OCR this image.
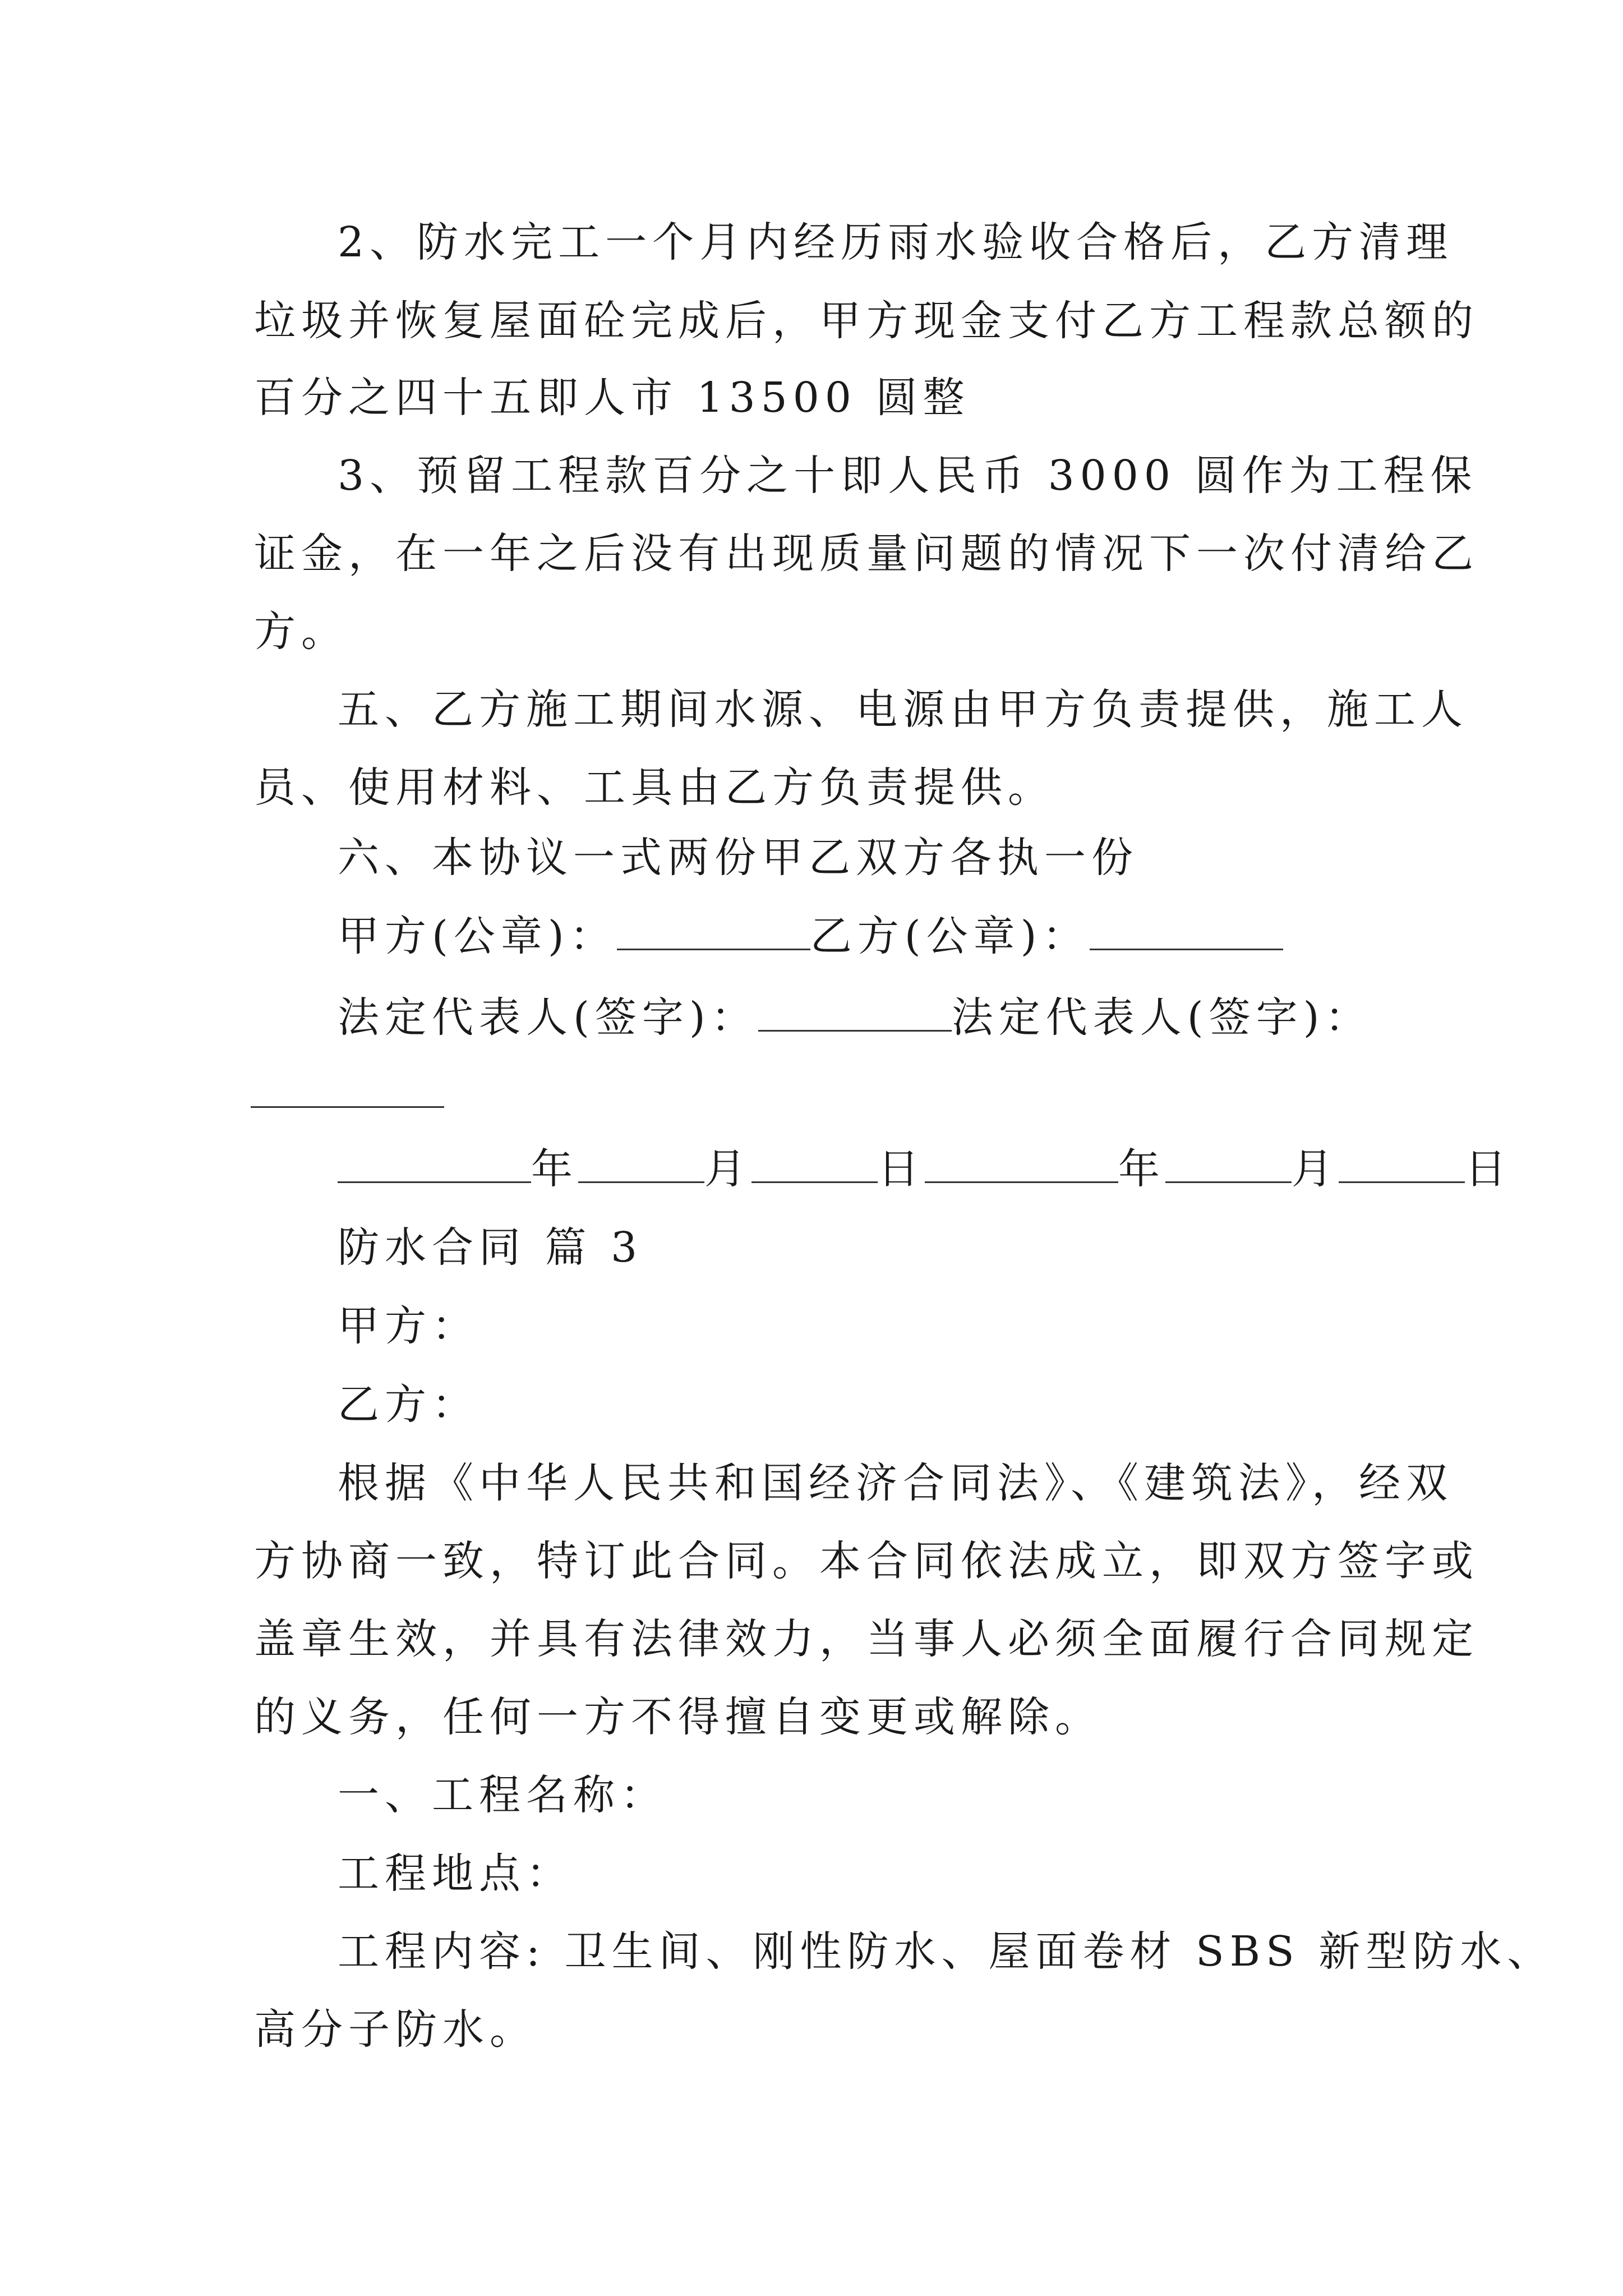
2、防水完工一个月内经历雨水验收合格后，乙方清理
垃圾并恢复屋面砼完成后，甲方现金支付乙方工程款总额的
百分之四十五即人市 13500 圆整
3、预留工程款百分之十即人民币 3000 圆作为工程保
证金，在一年之后没有出现质量问题的情况下一次付清给乙
方。
五、乙方施工期间水源、电源由甲方负责提供，施工人
员、使用材料、工具由乙方负责提供。
六、本协议一式两份甲乙双方各执一份
甲方(公章)：	乙方(公章)：
法定代表人(签字)：	法定代表人(签字)：
年	月	日	年	月	日
防水合同 篇 3
甲方：
乙方：
根据《中华人民共和国经济合同法》、《建筑法》，经双
方协商一致，特订此合同。本合同依法成立，即双方签字或
盖章生效，并具有法律效力，当事人必须全面履行合同规定
的义务，任何一方不得擅自变更或解除。
一、工程名称：
工程地点：
工程内容: 卫生间、刚性防水、屋面卷材 SBS 新型防水、
高分子防水。
